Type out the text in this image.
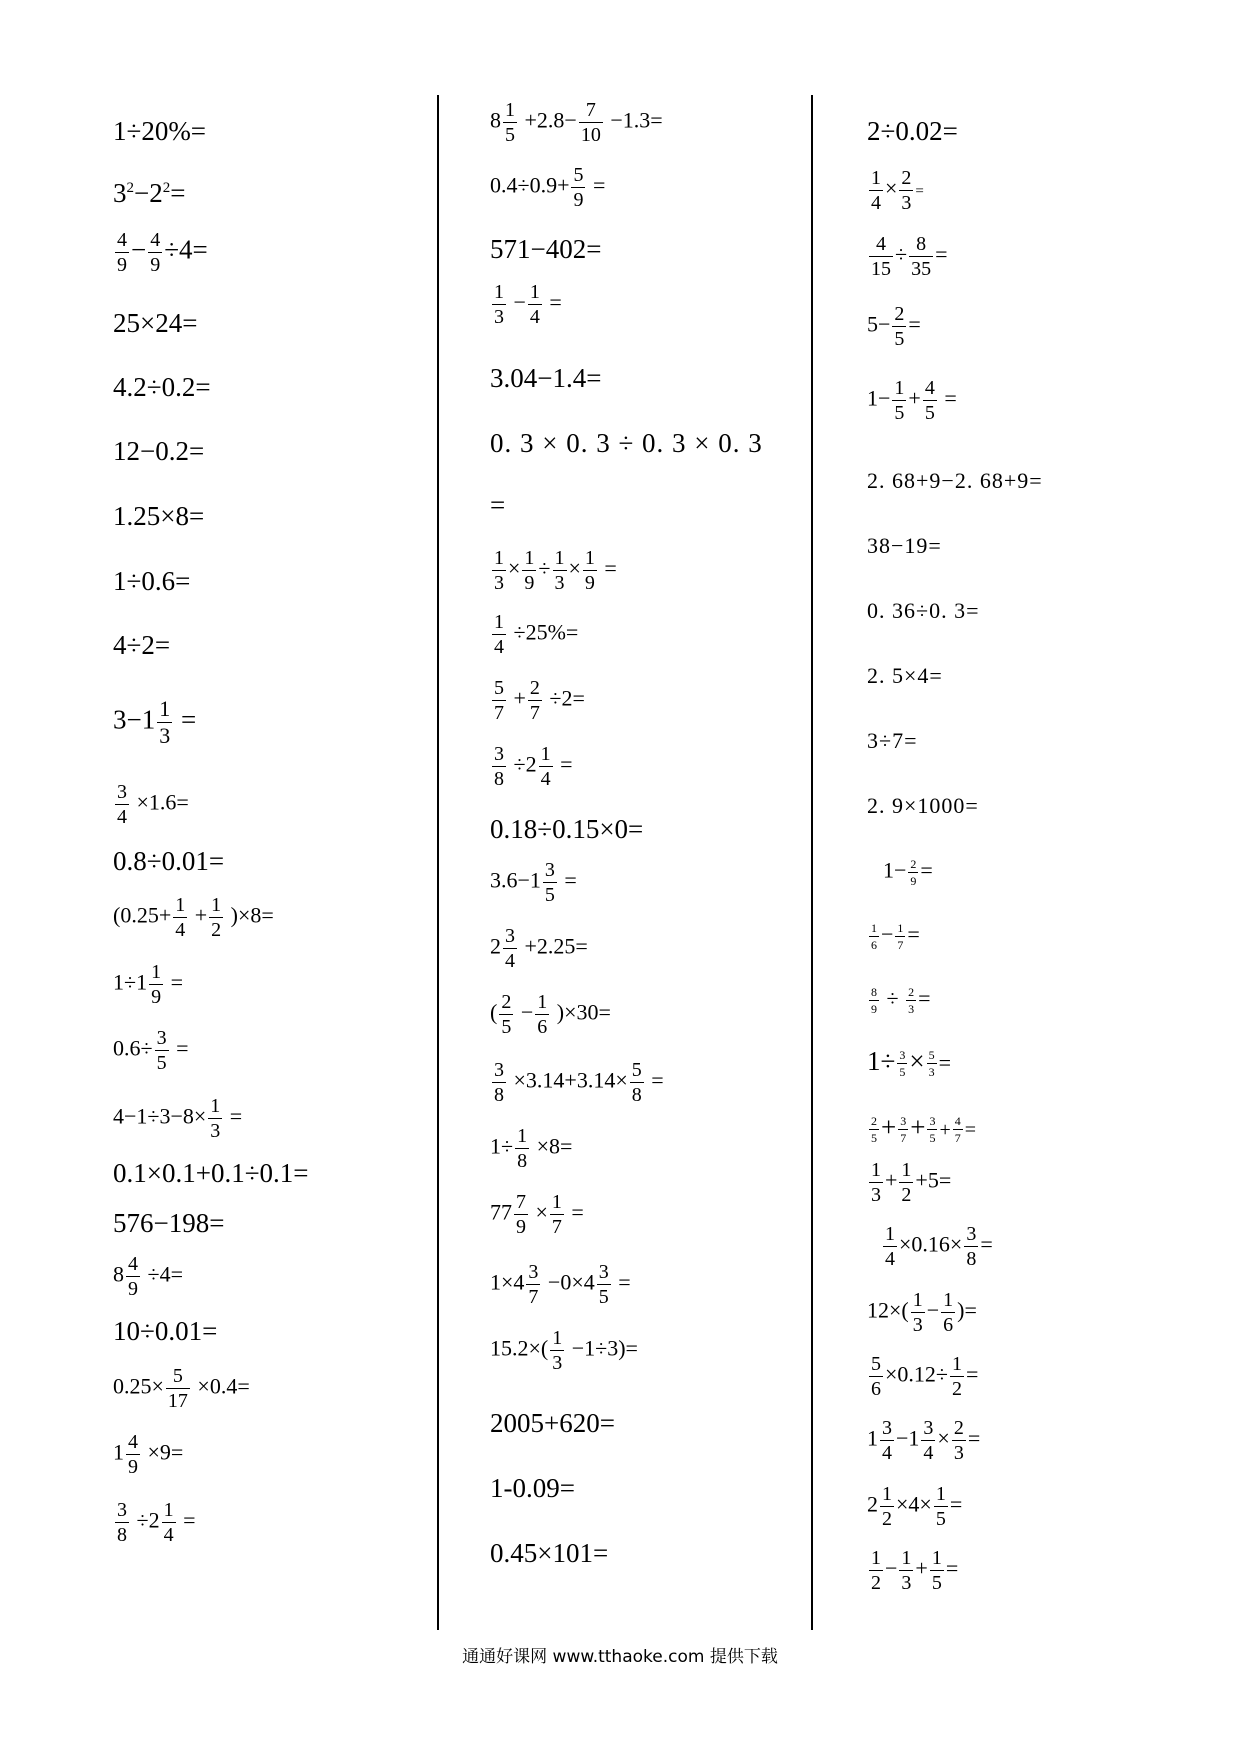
1÷20%=
$3^2-2^2=$
$\frac{4}{9} - \frac{4}{9} \div 4=$
25×24=
4.2÷0.2=
12−0.2=
1.25×8=
1÷0.6=
4÷2=
$3-1 \frac{1}{3}$ =
$\frac{3}{4} \times 1.6=$
0.8÷0.01=
$(0.25+ \frac{1}{4} + \frac{1}{2} )\times 8=$
$1\div 1 \frac{1}{9}$ =
$0.6\div \frac{3}{5}$ =
$4-1\div 3-8\times \frac{1}{3}$ =
0.1×0.1+0.1÷0.1=
576−198=
$8 \frac{4}{9} \div 4=$
10÷0.01=
$0.25\times \frac{5}{17} \times 0.4=$
$1 \frac{4}{9} \times 9=$
$\frac{3}{8} \div 2 \frac{1}{4}$ =
$8 \frac{1}{5} +2.8- \frac{7}{10} -1.3=$
$0.4\div 0.9+ \frac{5}{9}$ =
571−402=
$\frac{1}{3} - \frac{1}{4}$ =
3.04−1.4=
0. 3 × 0. 3 ÷ 0. 3 × 0. 3
=
$\frac{1}{3} \times \frac{1}{9} \div \frac{1}{3} \times \frac{1}{9}$ =
$\frac{1}{4} \div 25\%=$
$\frac{5}{7} + \frac{2}{7} \div 2=$
$\frac{3}{8} \div 2 \frac{1}{4}$ =
0.18÷0.15×0=
$3.6-1 \frac{3}{5}$ =
$2 \frac{3}{4} +2.25=$
( $\frac{2}{5} - \frac{1}{6} )\times 30=$
$\frac{3}{8} \times 3.14+3.14\times \frac{5}{8}$ =
$1\div \frac{1}{8} \times 8=$
$77 \frac{7}{9} \times \frac{1}{7}$ =
$1\times 4 \frac{3}{7} -0\times 4 \frac{3}{5}$ =
$15.2\times( \frac{1}{3} -1\div 3)=$
2005+620=
1-0.09=
0.45×101=
2÷0.02=
$\frac{1}{4} \times \frac{2}{3}$ =
$\frac{4}{15} \div \frac{8}{35}$ =
$5- \frac{2}{5}$ =
$1- \frac{1}{5} + \frac{4}{5}$ =
2. 68+9−2. 68+9=
38−19=
0. 36÷0. 3=
2. 5×4=
3÷7=
2. 9×1000=
$1- \frac{2}{9}$ =
$\frac{1}{6} - \frac{1}{7}$ =
$\frac{8}{9} \div \frac{2}{3}$ =
$1\div \frac{3}{5} \times \frac{5}{3}$ =
$\frac{2}{5} + \frac{3}{7} + \frac{3}{5} + \frac{4}{7}$ =
$\frac{1}{3} + \frac{1}{2} +5=$
$\frac{1}{4} \times 0.16\times \frac{3}{8}$ =
$12\times( \frac{1}{3} - \frac{1}{6}$ )=
$\frac{5}{6} \times 0.12\div \frac{1}{2}$ =
$1 \frac{3}{4} -1 \frac{3}{4} \times \frac{2}{3}$ =
$2 \frac{1}{2} \times 4\times \frac{1}{5}$ =
$\frac{1}{2} - \frac{1}{3} + \frac{1}{5}$ =
通通好课网 www.tthaoke.com 提供下载
